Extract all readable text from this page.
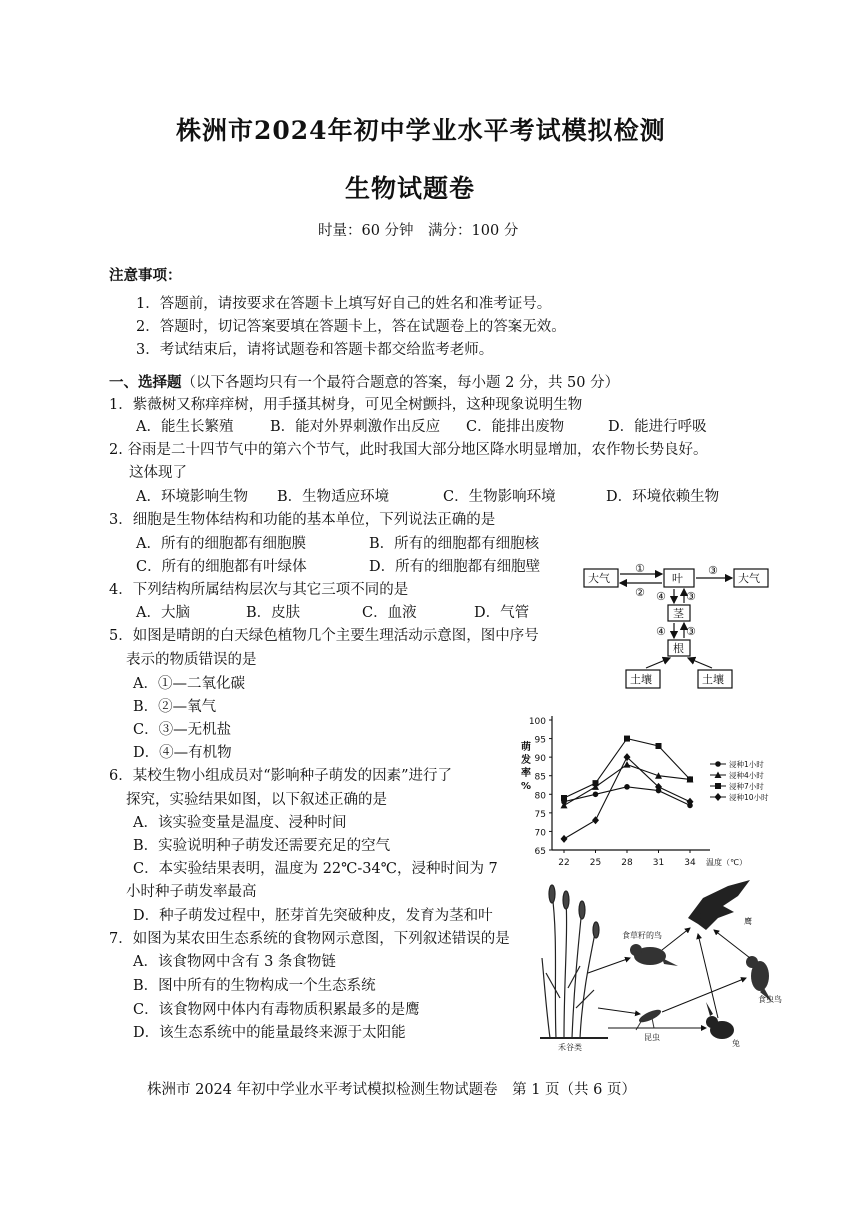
株洲市2024年初中学业水平考试模拟检测
生物试题卷
时量：60 分钟　满分：100 分
注意事项：
1．答题前，请按要求在答题卡上填写好自己的姓名和准考证号。
2．答题时，切记答案要填在答题卡上，答在试题卷上的答案无效。
3．考试结束后，请将试题卷和答题卡都交给监考老师。
一、选择题（以下各题均只有一个最符合题意的答案，每小题 2 分，共 50 分）
1．紫薇树又称痒痒树，用手搔其树身，可见全树颤抖，这种现象说明生物
A．能生长繁殖	B．能对外界刺激作出反应 C．能排出废物	D．能进行呼吸
2. 谷雨是二十四节气中的第六个节气，此时我国大部分地区降水明显增加，农作物长势良好。
这体现了
A．环境影响生物 B．生物适应环境	C．生物影响环境	D．环境依赖生物
3．细胞是生物体结构和功能的基本单位，下列说法正确的是
A．所有的细胞都有细胞膜	B．所有的细胞都有细胞核
C．所有的细胞都有叶绿体	D．所有的细胞都有细胞壁
4．下列结构所属结构层次与其它三项不同的是
A．大脑	B．皮肤	C．血液	D．气管
5．如图是晴朗的白天绿色植物几个主要生理活动示意图，图中序号
表示的物质错误的是
A．①—二氧化碳
B．②—氧气
C．③—无机盐
D．④—有机物
6．某校生物小组成员对“影响种子萌发的因素”进行了
探究，实验结果如图，以下叙述正确的是
A．该实验变量是温度、浸种时间
B．实验说明种子萌发还需要充足的空气
C．本实验结果表明，温度为 22℃-34℃，浸种时间为 7
小时种子萌发率最高
D．种子萌发过程中，胚芽首先突破种皮，发育为茎和叶
7．如图为某农田生态系统的食物网示意图，下列叙述错误的是
A．该食物网中含有 3 条食物链
B．图中所有的生物构成一个生态系统
C．该食物网中体内有毒物质积累最多的是鹰
D．该生态系统中的能量最终来源于太阳能
大气	叶	大气
茎
根
土壤	土壤
①
②
③
④ ③
④ ③
65
70
75
80
85
90
95
100
22 25 28 31 34 温度（℃）
萌
发
率
%
浸种1小时
浸种4小时
浸种7小时
浸种10小时
鹰
食草籽的鸟
食虫鸟
兔
昆虫
禾谷类
株洲市 2024 年初中学业水平考试模拟检测生物试题卷　第 1 页（共 6 页）
